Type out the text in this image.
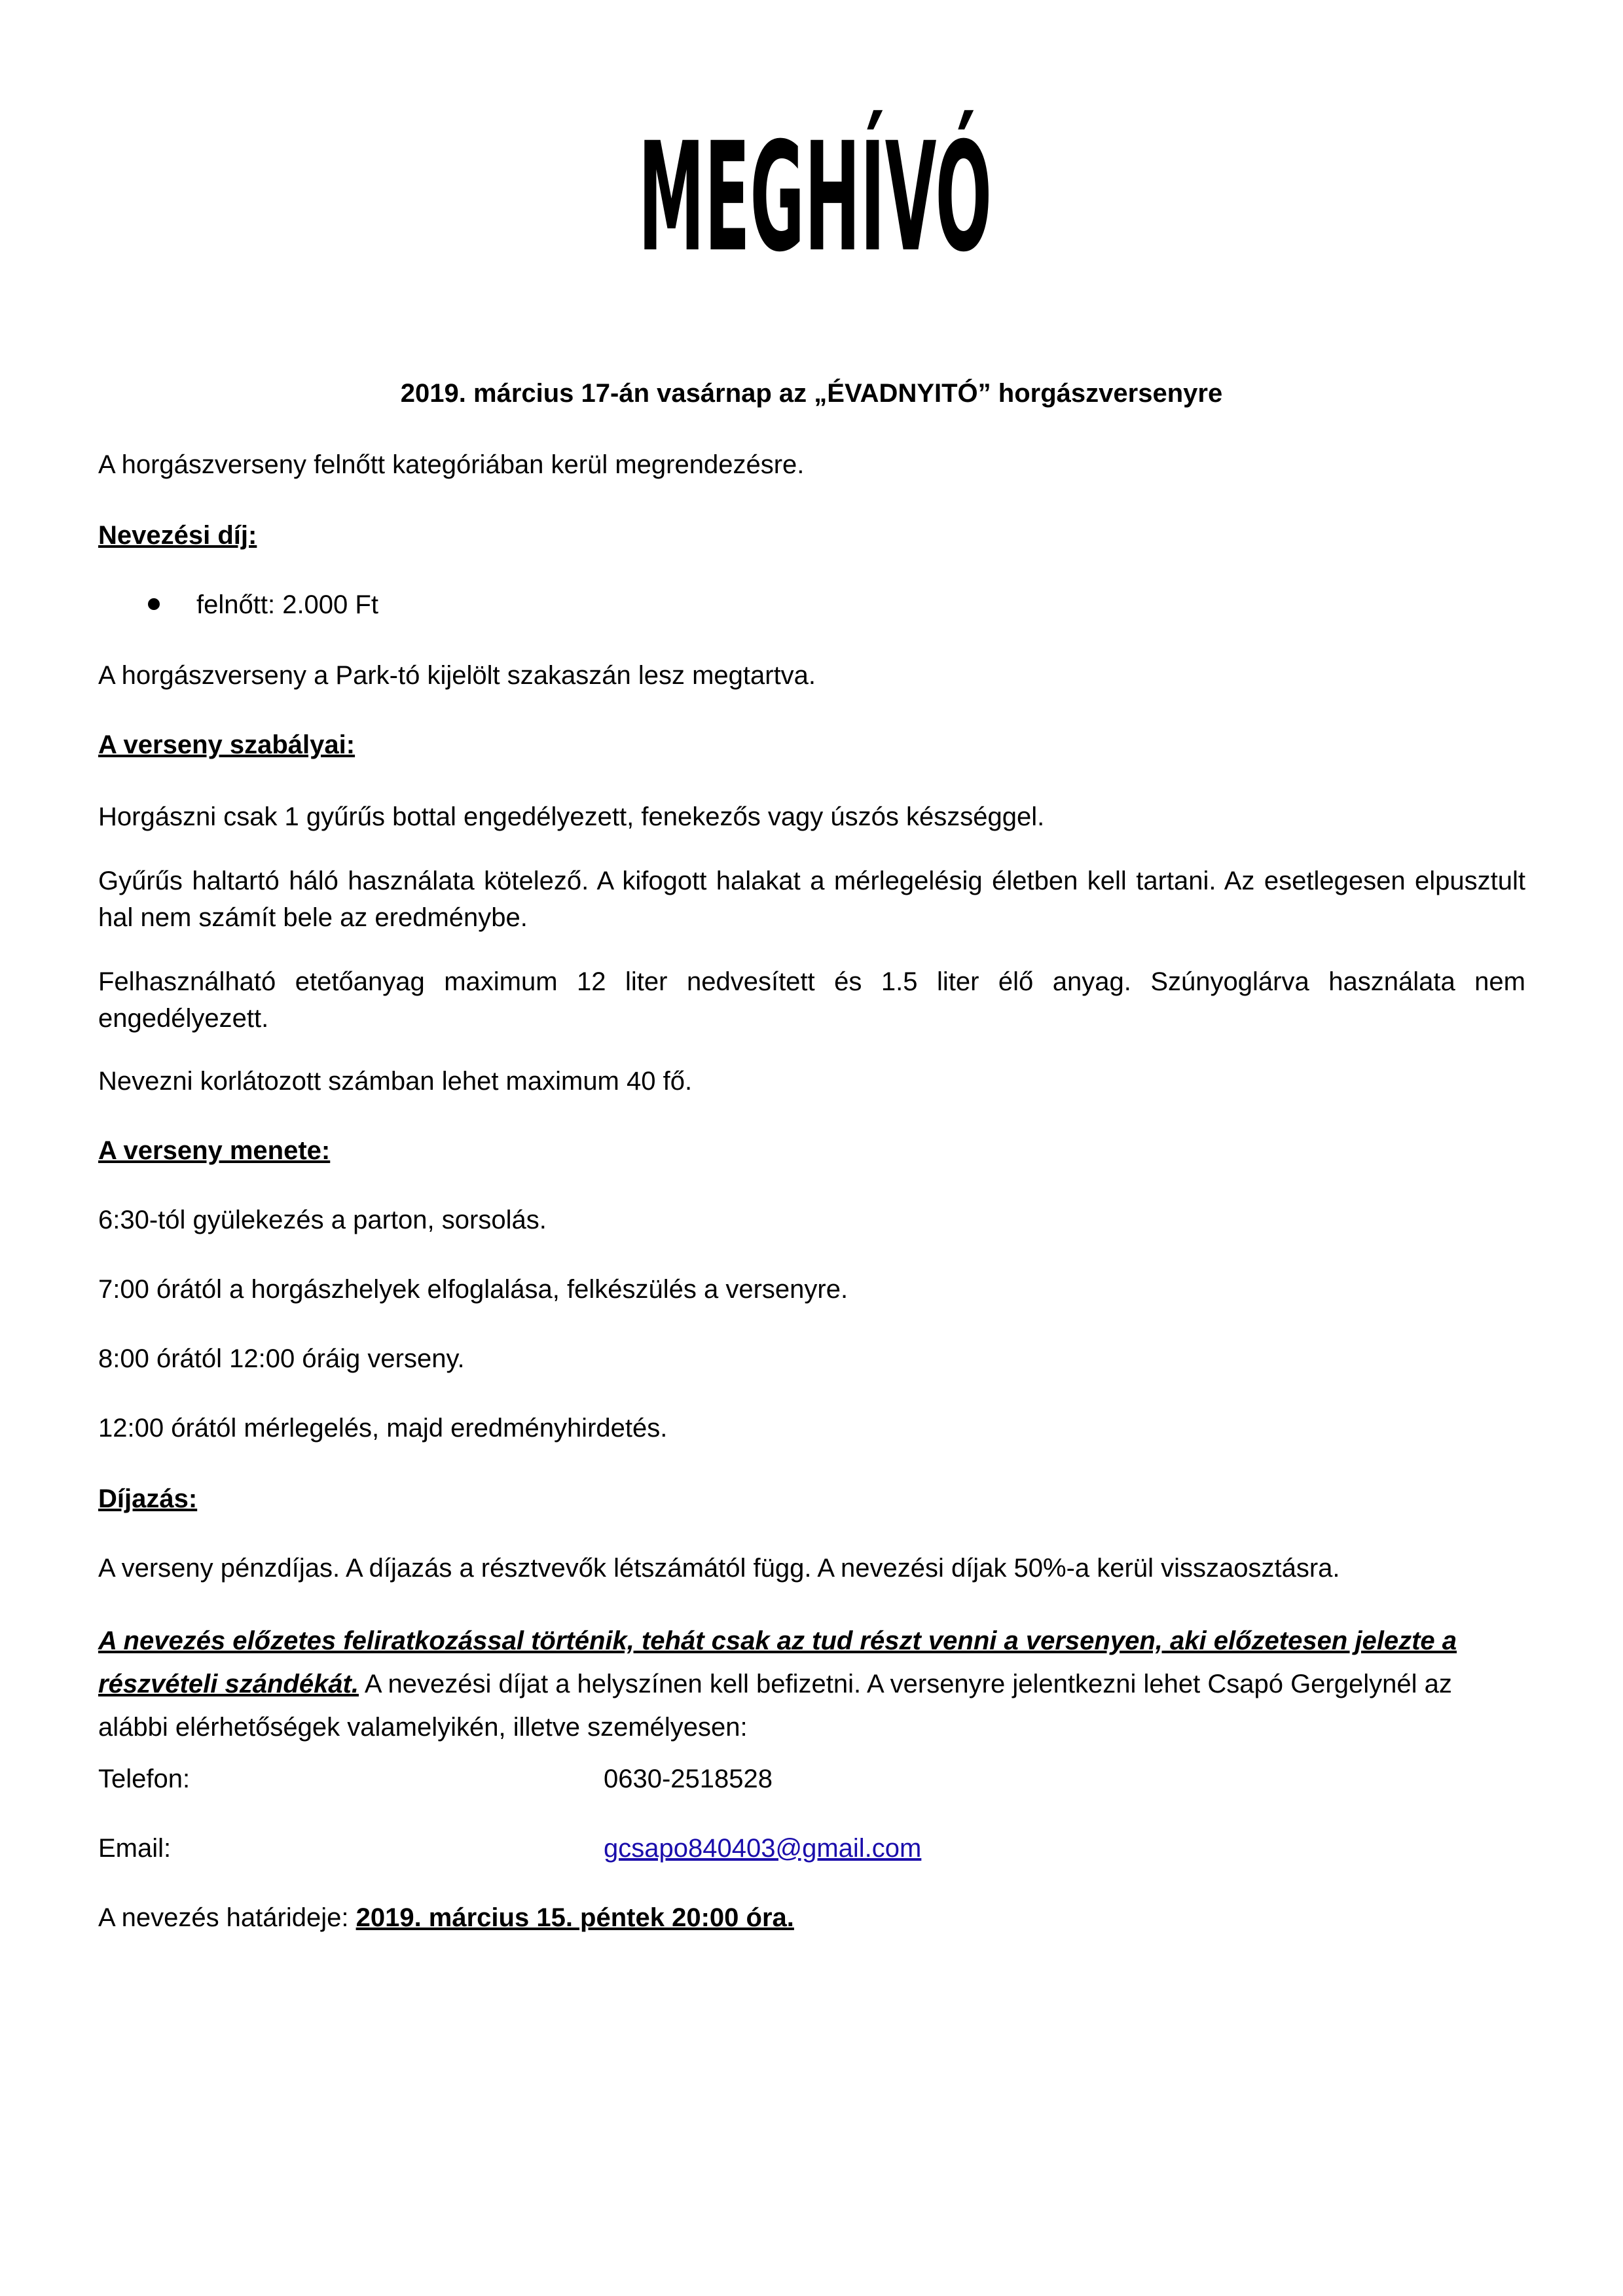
MEGHÍVÓ
2019. március 17-án vasárnap az „ÉVADNYITÓ” horgászversenyre
A horgászverseny felnőtt kategóriában kerül megrendezésre.
Nevezési díj:
felnőtt: 2.000 Ft
A horgászverseny a Park-tó kijelölt szakaszán lesz megtartva.
A verseny szabályai:
Horgászni csak 1 gyűrűs bottal engedélyezett, fenekezős vagy úszós készséggel.
Gyűrűs haltartó háló használata kötelező. A kifogott halakat a mérlegelésig életben kell tartani. Az esetlegesen elpusztult hal nem számít bele az eredménybe.
Felhasználható etetőanyag maximum 12 liter nedvesített és 1.5 liter élő anyag. Szúnyoglárva használata nem engedélyezett.
Nevezni korlátozott számban lehet maximum 40 fő.
A verseny menete:
6:30-tól gyülekezés a parton, sorsolás.
7:00 órától a horgászhelyek elfoglalása, felkészülés a versenyre.
8:00 órától 12:00 óráig verseny.
12:00 órától mérlegelés, majd eredményhirdetés.
Díjazás:
A verseny pénzdíjas. A díjazás a résztvevők létszámától függ. A nevezési díjak 50%-a kerül visszaosztásra.
A nevezés előzetes feliratkozással történik, tehát csak az tud részt venni a versenyen, aki előzetesen jelezte a részvételi szándékát. A nevezési díjat a helyszínen kell befizetni. A versenyre jelentkezni lehet Csapó Gergelynél az alábbi elérhetőségek valamelyikén, illetve személyesen:
Telefon:	0630-2518528
Email:	gcsapo840403@gmail.com
A nevezés határideje: 2019. március 15. péntek 20:00 óra.
